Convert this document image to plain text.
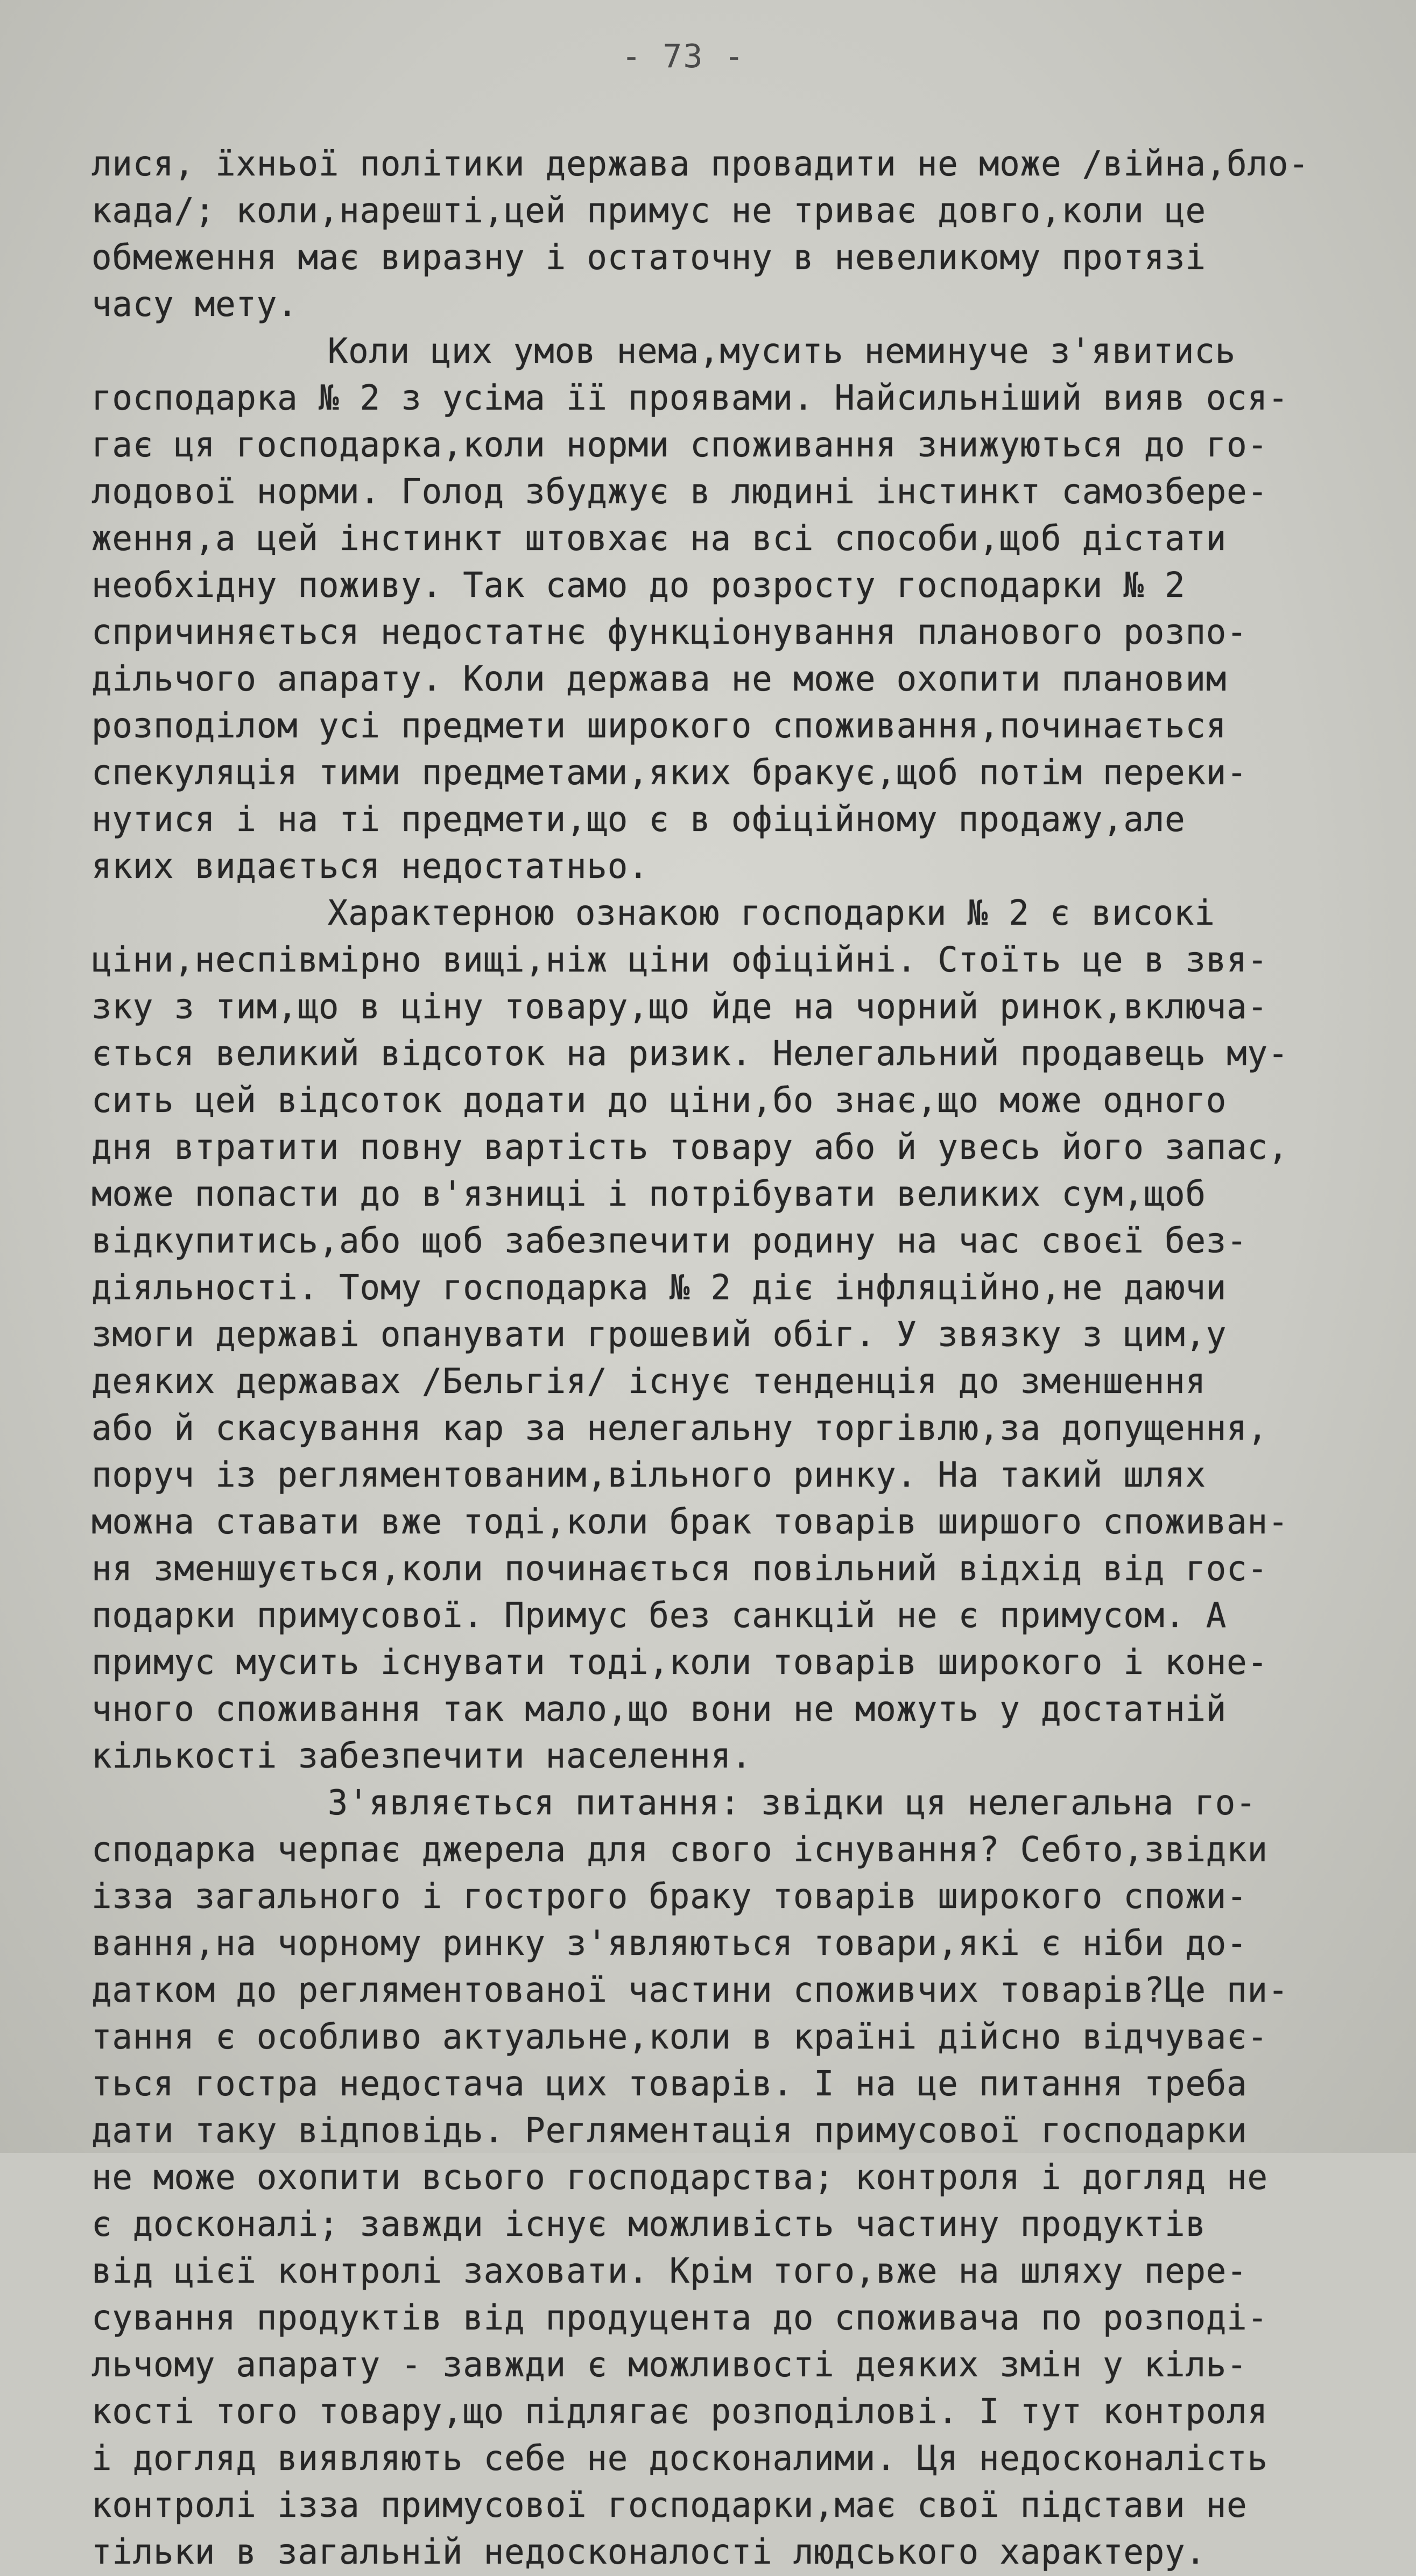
- 73 -
лися, їхньої політики держава провадити не може /війна,бло-
када/; коли,нарешті,цей примус не триває довго,коли це
обмеження має виразну і остаточну в невеликому протязі
часу мету.
Коли цих умов нема,мусить неминуче з'явитись
господарка № 2 з усіма її проявами. Найсильніший вияв ося-
гає ця господарка,коли норми споживання знижуються до го-
лодової норми. Голод збуджує в людині інстинкт самозбере-
ження,а цей інстинкт штовхає на всі способи,щоб дістати
необхідну поживу. Так само до розросту господарки № 2
спричиняється недостатнє функціонування планового розпо-
дільчого апарату. Коли держава не може охопити плановим
розподілом усі предмети широкого споживання,починається
спекуляція тими предметами,яких бракує,щоб потім переки-
нутися і на ті предмети,що є в офіційному продажу,але
яких видається недостатньо.
Характерною ознакою господарки № 2 є високі
ціни,неспівмірно вищі,ніж ціни офіційні. Стоїть це в звя-
зку з тим,що в ціну товару,що йде на чорний ринок,включа-
ється великий відсоток на ризик. Нелегальний продавець му-
сить цей відсоток додати до ціни,бо знає,що може одного
дня втратити повну вартість товару або й увесь його запас,
може попасти до в'язниці і потрібувати великих сум,щоб
відкупитись,або щоб забезпечити родину на час своєї без-
діяльності. Тому господарка № 2 діє інфляційно,не даючи
змоги державі опанувати грошевий обіг. У звязку з цим,у
деяких державах /Бельгія/ існує тенденція до зменшення
або й скасування кар за нелегальну торгівлю,за допущення,
поруч із регляментованим,вільного ринку. На такий шлях
можна ставати вже тоді,коли брак товарів ширшого споживан-
ня зменшується,коли починається повільний відхід від гос-
подарки примусової. Примус без санкцій не є примусом. А
примус мусить існувати тоді,коли товарів широкого і коне-
чного споживання так мало,що вони не можуть у достатній
кількості забезпечити населення.
З'являється питання: звідки ця нелегальна го-
сподарка черпає джерела для свого існування? Себто,звідки
ізза загального і гострого браку товарів широкого спожи-
вання,на чорному ринку з'являються товари,які є ніби до-
датком до регляментованої частини споживчих товарів?Це пи-
тання є особливо актуальне,коли в країні дійсно відчуває-
ться гостра недостача цих товарів. І на це питання треба
дати таку відповідь. Регляментація примусової господарки
не може охопити всього господарства; контроля і догляд не
є досконалі; завжди існує можливість частину продуктів
від цієї контролі заховати. Крім того,вже на шляху пере-
сування продуктів від продуцента до споживача по розподі-
льчому апарату - завжди є можливості деяких змін у кіль-
кості того товару,що підлягає розподілові. І тут контроля
і догляд виявляють себе не досконалими. Ця недосконалість
контролі ізза примусової господарки,має свої підстави не
тільки в загальній недосконалості людського характеру.
